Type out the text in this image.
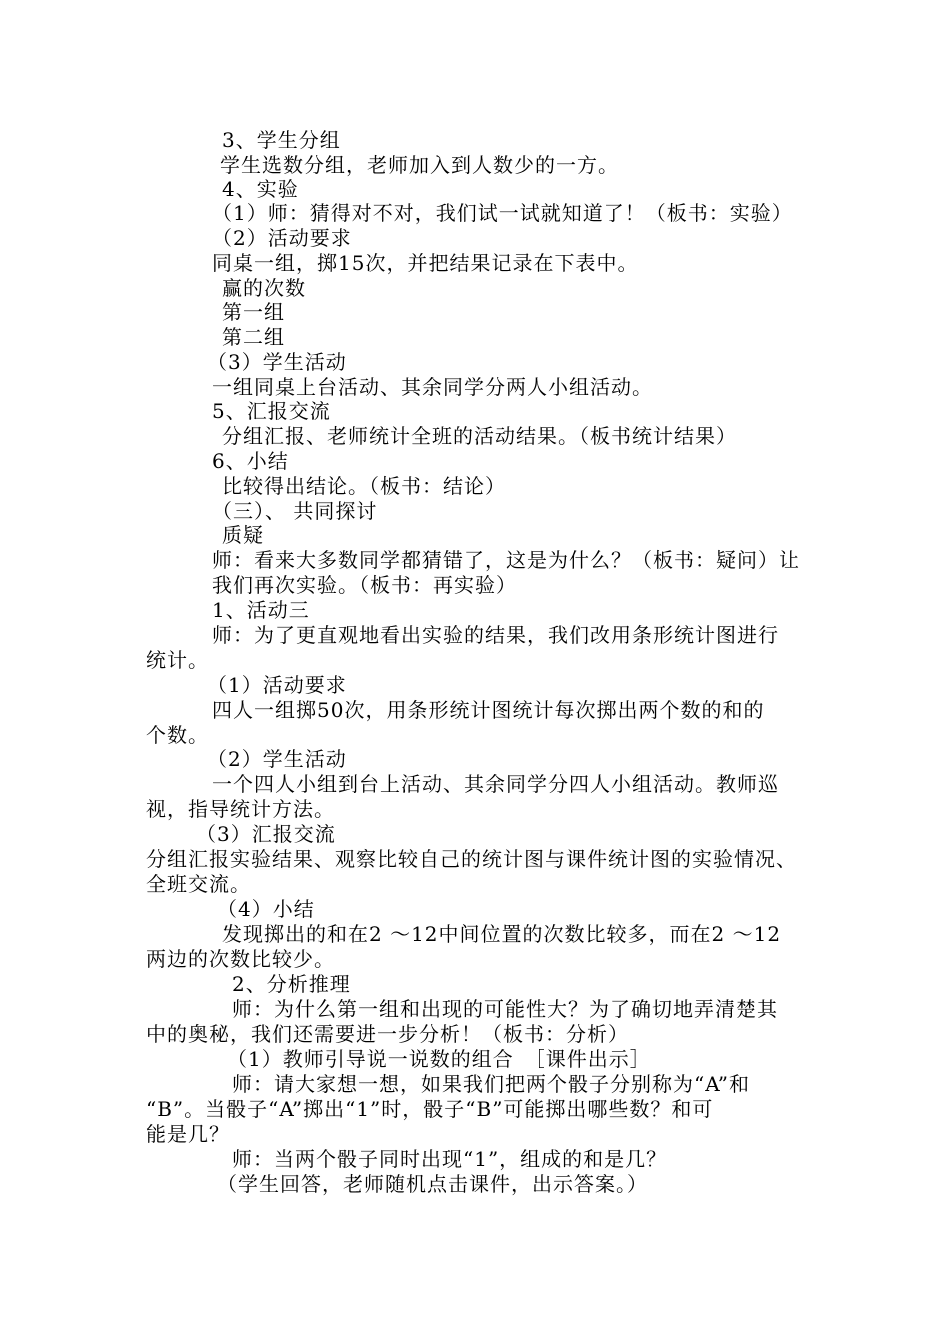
3、学生分组
学生选数分组，老师加入到人数少的一方。
4、实验
（1）师：猜得对不对，我们试一试就知道了！（板书：实验）
（2）活动要求
同桌一组，掷15次，并把结果记录在下表中。
赢的次数
第一组
第二组
（3）学生活动
一组同桌上台活动、其余同学分两人小组活动。
5、汇报交流
分组汇报、老师统计全班的活动结果。（板书统计结果）
6、小结
比较得出结论。（板书：结论）
（三）、 共同探讨
质疑
师：看来大多数同学都猜错了，这是为什么？（板书：疑问）让
我们再次实验。（板书：再实验）
1、活动三
师：为了更直观地看出实验的结果，我们改用条形统计图进行
统计。
（1）活动要求
四人一组掷50次，用条形统计图统计每次掷出两个数的和的
个数。
（2）学生活动
一个四人小组到台上活动、其余同学分四人小组活动。教师巡
视，指导统计方法。
（3）汇报交流
分组汇报实验结果、观察比较自己的统计图与课件统计图的实验情况、
全班交流。
（4）小结
发现掷出的和在2 ～12中间位置的次数比较多，而在2 ～12
两边的次数比较少。
2、分析推理
师：为什么第一组和出现的可能性大？为了确切地弄清楚其
中的奥秘，我们还需要进一步分析！（板书：分析）
（1）教师引导说一说数的组合　［课件出示］
师：请大家想一想，如果我们把两个骰子分别称为“A”和
“B”。当骰子“A”掷出“1”时，骰子“B”可能掷出哪些数？和可
能是几？
师：当两个骰子同时出现“1”，组成的和是几？
（学生回答，老师随机点击课件，出示答案。）
